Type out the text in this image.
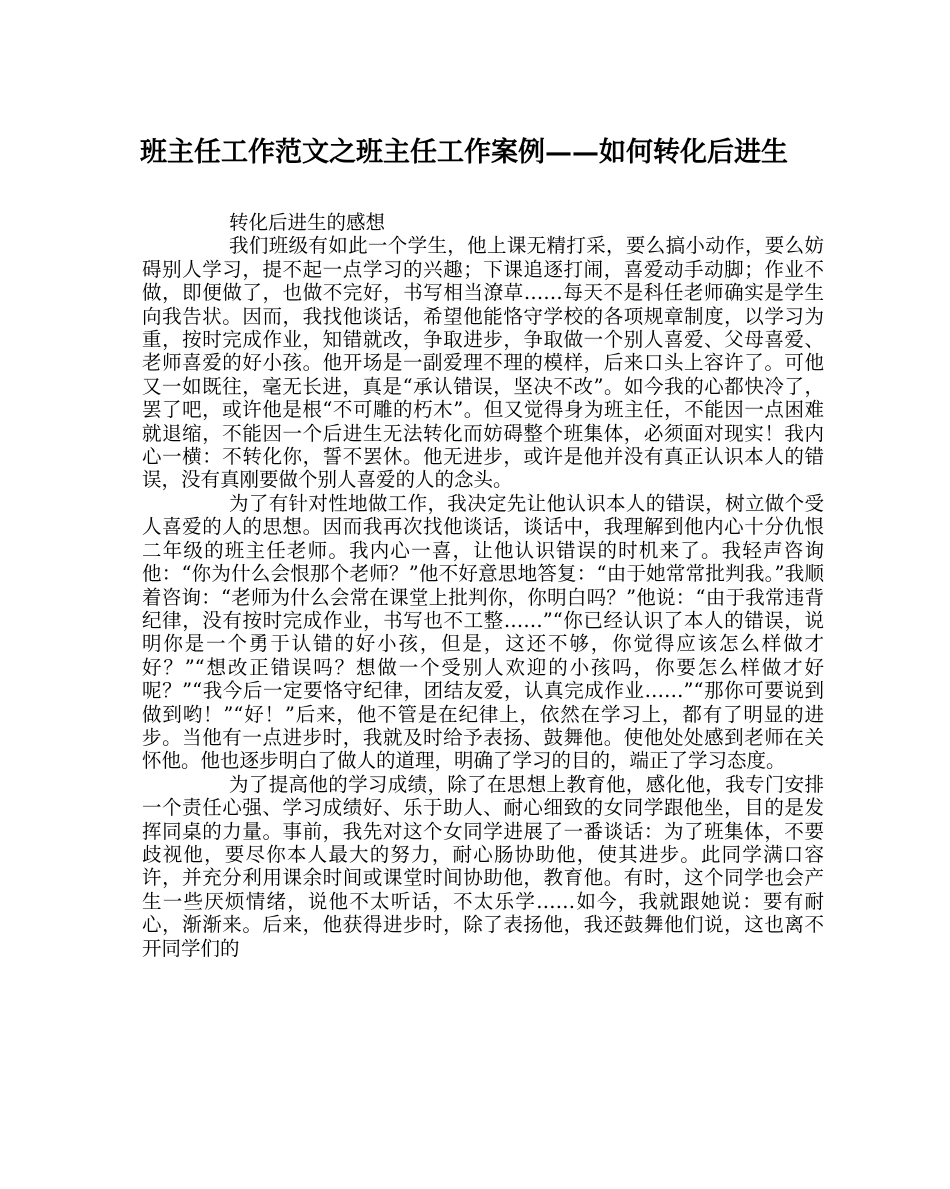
班主任工作范文之班主任工作案例——如何转化后进生

转化后进生的感想

我们班级有如此一个学生，他上课无精打采，要么搞小动作，要么妨碍别人学习，提不起一点学习的兴趣；下课追逐打闹，喜爱动手动脚；作业不做，即便做了，也做不完好，书写相当潦草……每天不是科任老师确实是学生向我告状。因而，我找他谈话，希望他能恪守学校的各项规章制度，以学习为重，按时完成作业，知错就改，争取进步，争取做一个别人喜爱、父母喜爱、老师喜爱的好小孩。他开场是一副爱理不理的模样，后来口头上容许了。可他又一如既往，毫无长进，真是“承认错误，坚决不改”。如今我的心都快冷了，罢了吧，或许他是根“不可雕的朽木”。但又觉得身为班主任，不能因一点困难就退缩，不能因一个后进生无法转化而妨碍整个班集体，必须面对现实！我内心一横：不转化你，誓不罢休。他无进步，或许是他并没有真正认识本人的错误，没有真刚要做个别人喜爱的人的念头。

为了有针对性地做工作，我决定先让他认识本人的错误，树立做个受人喜爱的人的思想。因而我再次找他谈话，谈话中，我理解到他内心十分仇恨二年级的班主任老师。我内心一喜，让他认识错误的时机来了。我轻声咨询他：“你为什么会恨那个老师？”他不好意思地答复：“由于她常常批判我。”我顺着咨询：“老师为什么会常在课堂上批判你，你明白吗？”他说：“由于我常违背纪律，没有按时完成作业，书写也不工整……”“你已经认识了本人的错误，说明你是一个勇于认错的好小孩，但是，这还不够，你觉得应该怎么样做才好？”“想改正错误吗？想做一个受别人欢迎的小孩吗，你要怎么样做才好呢？”“我今后一定要恪守纪律，团结友爱，认真完成作业……”“那你可要说到做到哟！”“好！”后来，他不管是在纪律上，依然在学习上，都有了明显的进步。当他有一点进步时，我就及时给予表扬、鼓舞他。使他处处感到老师在关怀他。他也逐步明白了做人的道理，明确了学习的目的，端正了学习态度。

为了提高他的学习成绩，除了在思想上教育他，感化他，我专门安排一个责任心强、学习成绩好、乐于助人、耐心细致的女同学跟他坐，目的是发挥同桌的力量。事前，我先对这个女同学进展了一番谈话：为了班集体，不要歧视他，要尽你本人最大的努力，耐心肠协助他，使其进步。此同学满口容许，并充分利用课余时间或课堂时间协助他，教育他。有时，这个同学也会产生一些厌烦情绪，说他不太听话，不太乐学……如今，我就跟她说：要有耐心，渐渐来。后来，他获得进步时，除了表扬他，我还鼓舞他们说，这也离不开同学们的
